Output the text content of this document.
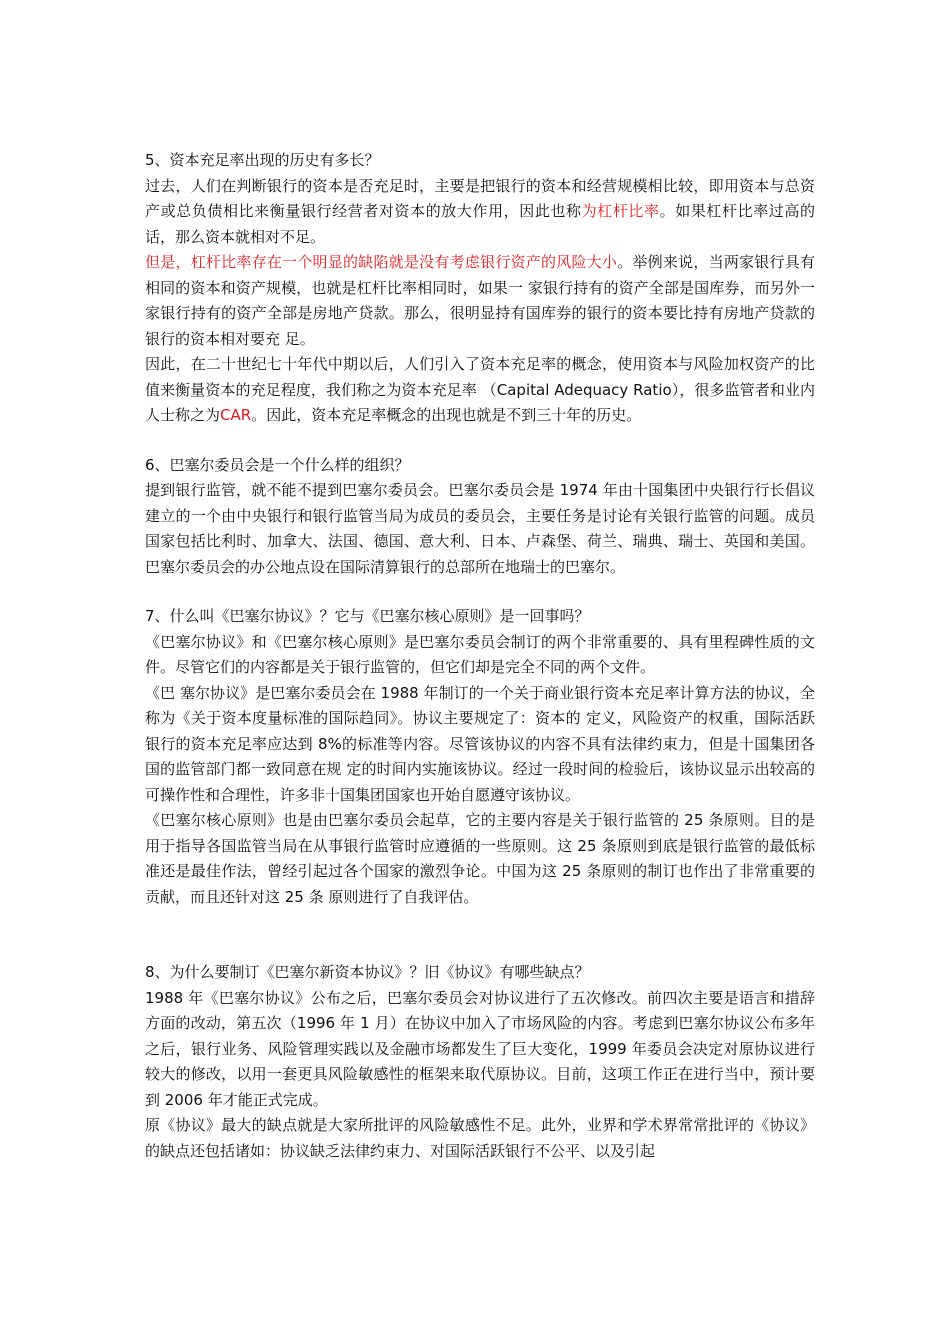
5、资本充足率出现的历史有多长？

过去，人们在判断银行的资本是否充足时，主要是把银行的资本和经营规模相比较，即用资本与总资产或总负债相比来衡量银行经营者对资本的放大作用，因此也称为杠杆比率。如果杠杆比率过高的话，那么资本就相对不足。

但是，杠杆比率存在一个明显的缺陷就是没有考虑银行资产的风险大小。举例来说，当两家银行具有相同的资本和资产规模，也就是杠杆比率相同时，如果一 家银行持有的资产全部是国库券，而另外一家银行持有的资产全部是房地产贷款。那么，很明显持有国库券的银行的资本要比持有房地产贷款的银行的资本相对要充 足。

因此，在二十世纪七十年代中期以后，人们引入了资本充足率的概念，使用资本与风险加权资产的比值来衡量资本的充足程度，我们称之为资本充足率 （Capital Adequacy Ratio），很多监管者和业内人士称之为CAR。因此，资本充足率概念的出现也就是不到三十年的历史。

6、巴塞尔委员会是一个什么样的组织？

提到银行监管，就不能不提到巴塞尔委员会。巴塞尔委员会是 1974 年由十国集团中央银行行长倡议建立的一个由中央银行和银行监管当局为成员的委员会，主要任务是讨论有关银行监管的问题。成员国家包括比利时、加拿大、法国、德国、意大利、日本、卢森堡、荷兰、瑞典、瑞士、英国和美国。巴塞尔委员会的办公地点设在国际清算银行的总部所在地瑞士的巴塞尔。

7、什么叫《巴塞尔协议》？它与《巴塞尔核心原则》是一回事吗？

《巴塞尔协议》和《巴塞尔核心原则》是巴塞尔委员会制订的两个非常重要的、具有里程碑性质的文件。尽管它们的内容都是关于银行监管的，但它们却是完全不同的两个文件。

《巴 塞尔协议》是巴塞尔委员会在 1988 年制订的一个关于商业银行资本充足率计算方法的协议，全称为《关于资本度量标准的国际趋同》。协议主要规定了：资本的 定义，风险资产的权重，国际活跃银行的资本充足率应达到 8%的标准等内容。尽管该协议的内容不具有法律约束力，但是十国集团各国的监管部门都一致同意在规 定的时间内实施该协议。经过一段时间的检验后，该协议显示出较高的可操作性和合理性，许多非十国集团国家也开始自愿遵守该协议。

《巴塞尔核心原则》也是由巴塞尔委员会起草，它的主要内容是关于银行监管的 25 条原则。目的是用于指导各国监管当局在从事银行监管时应遵循的一些原则。这 25 条原则到底是银行监管的最低标准还是最佳作法，曾经引起过各个国家的激烈争论。中国为这 25 条原则的制订也作出了非常重要的贡献，而且还针对这 25 条 原则进行了自我评估。

8、为什么要制订《巴塞尔新资本协议》？旧《协议》有哪些缺点？

1988 年《巴塞尔协议》公布之后，巴塞尔委员会对协议进行了五次修改。前四次主要是语言和措辞方面的改动，第五次（1996 年 1 月）在协议中加入了市场风险的内容。考虑到巴塞尔协议公布多年之后，银行业务、风险管理实践以及金融市场都发生了巨大变化，1999 年委员会决定对原协议进行较大的修改，以用一套更具风险敏感性的框架来取代原协议。目前，这项工作正在进行当中，预计要到 2006 年才能正式完成。

原《协议》最大的缺点就是大家所批评的风险敏感性不足。此外，业界和学术界常常批评的《协议》的缺点还包括诸如：协议缺乏法律约束力、对国际活跃银行不公平、以及引起
